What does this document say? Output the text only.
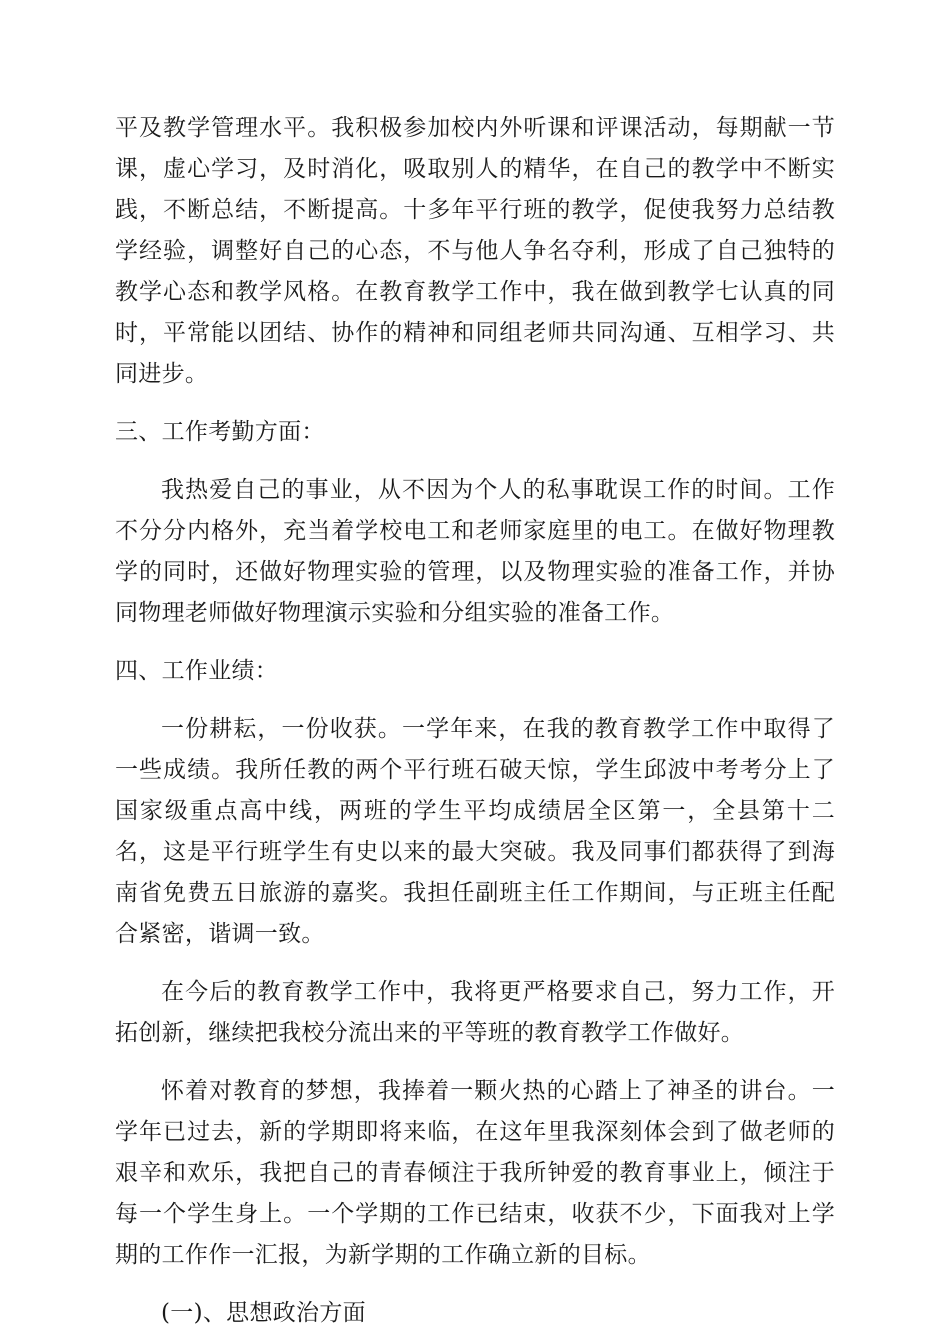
平及教学管理水平。我积极参加校内外听课和评课活动，每期献一节课，虚心学习，及时消化，吸取别人的精华，在自己的教学中不断实践，不断总结，不断提高。十多年平行班的教学，促使我努力总结教学经验，调整好自己的心态，不与他人争名夺利，形成了自己独特的教学心态和教学风格。在教育教学工作中，我在做到教学七认真的同时，平常能以团结、协作的精神和同组老师共同沟通、互相学习、共同进步。

三、工作考勤方面：

我热爱自己的事业，从不因为个人的私事耽误工作的时间。工作不分分内格外，充当着学校电工和老师家庭里的电工。在做好物理教学的同时，还做好物理实验的管理，以及物理实验的准备工作，并协同物理老师做好物理演示实验和分组实验的准备工作。

四、工作业绩：

一份耕耘，一份收获。一学年来，在我的教育教学工作中取得了一些成绩。我所任教的两个平行班石破天惊，学生邱波中考考分上了国家级重点高中线，两班的学生平均成绩居全区第一，全县第十二名，这是平行班学生有史以来的最大突破。我及同事们都获得了到海南省免费五日旅游的嘉奖。我担任副班主任工作期间，与正班主任配合紧密，谐调一致。

在今后的教育教学工作中，我将更严格要求自己，努力工作，开拓创新，继续把我校分流出来的平等班的教育教学工作做好。

怀着对教育的梦想，我捧着一颗火热的心踏上了神圣的讲台。一学年已过去，新的学期即将来临，在这年里我深刻体会到了做老师的艰辛和欢乐，我把自己的青春倾注于我所钟爱的教育事业上，倾注于每一个学生身上。一个学期的工作已结束，收获不少，下面我对上学期的工作作一汇报，为新学期的工作确立新的目标。

(一)、思想政治方面
